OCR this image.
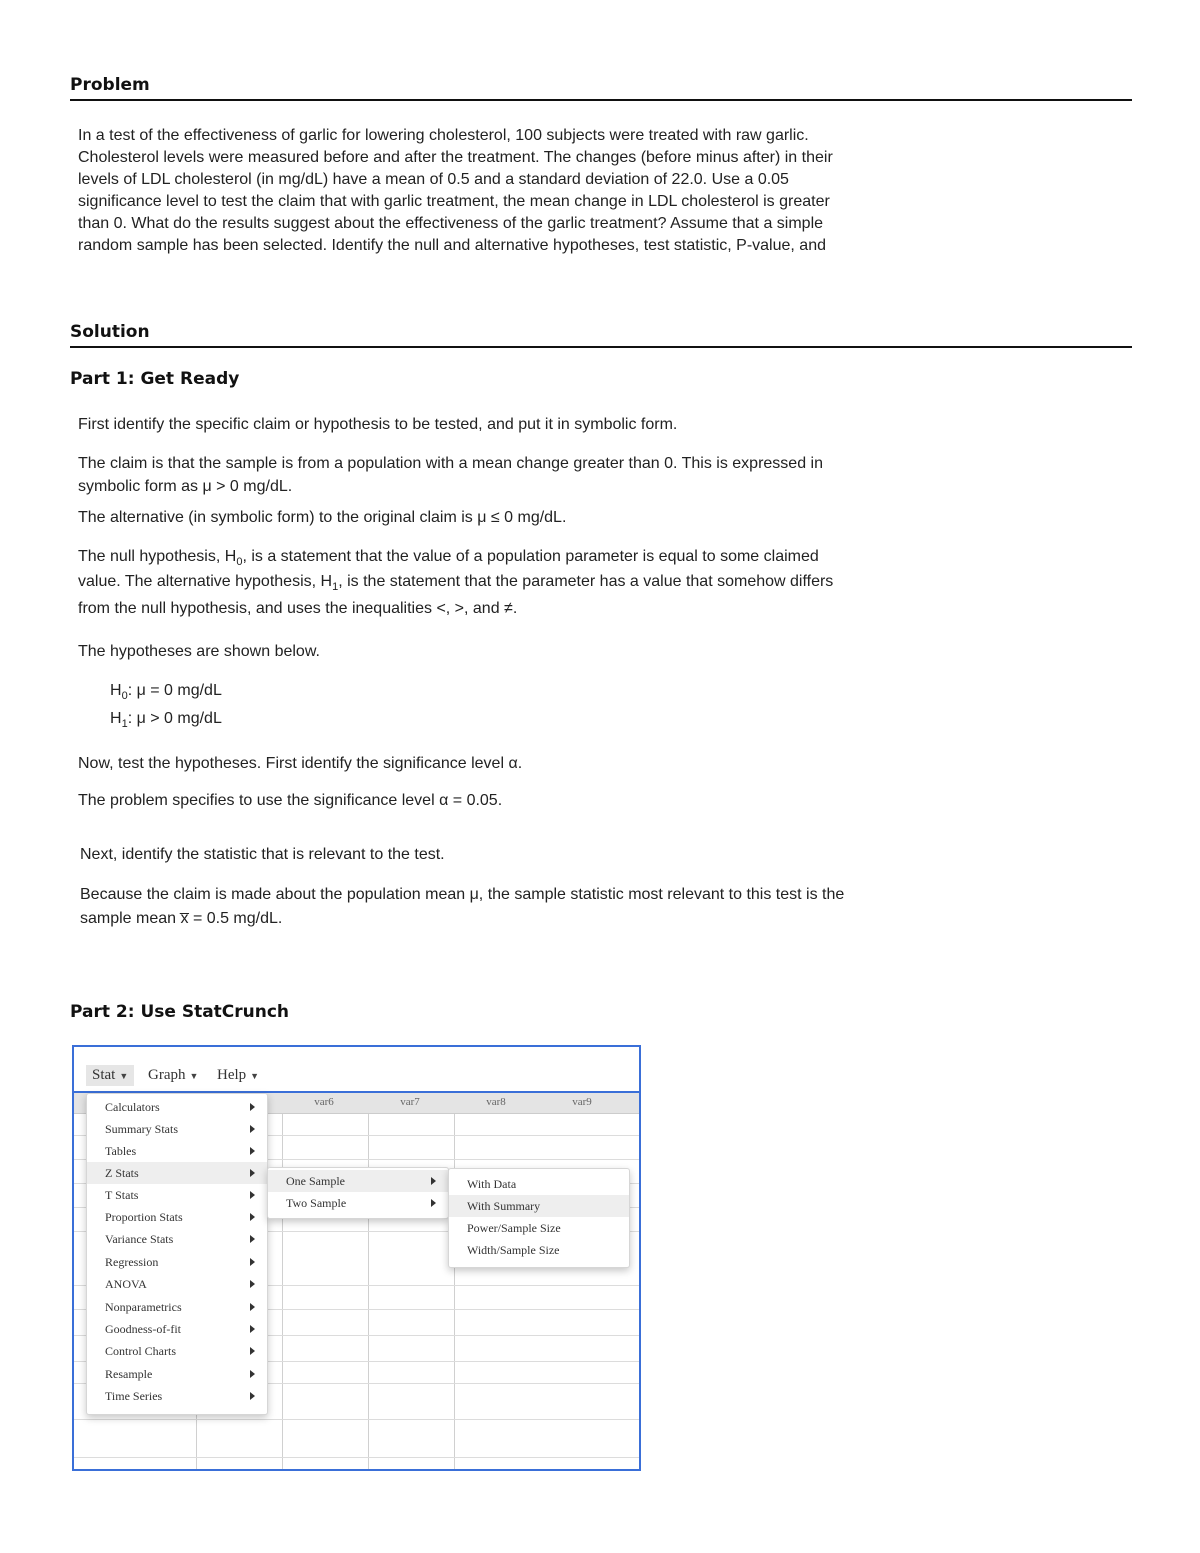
Problem
In a test of the effectiveness of garlic for lowering cholesterol, 100 subjects were treated with raw garlic.
Cholesterol levels were measured before and after the treatment. The changes (before minus after) in their
levels of LDL cholesterol (in mg/dL) have a mean of 0.5 and a standard deviation of 22.0. Use a 0.05
significance level to test the claim that with garlic treatment, the mean change in LDL cholesterol is greater
than 0. What do the results suggest about the effectiveness of the garlic treatment? Assume that a simple
random sample has been selected. Identify the null and alternative hypotheses, test statistic, P-value, and
Solution
Part 1: Get Ready
First identify the specific claim or hypothesis to be tested, and put it in symbolic form.
The claim is that the sample is from a population with a mean change greater than 0. This is expressed in
symbolic form as μ > 0 mg/dL.
The alternative (in symbolic form) to the original claim is μ ≤ 0 mg/dL.
The null hypothesis, $H_0$, is a statement that the value of a population parameter is equal to some claimed
value. The alternative hypothesis, $H_1$, is the statement that the parameter has a value that somehow differs
from the null hypothesis, and uses the inequalities <, >, and ≠.
The hypotheses are shown below.
$H_0$: μ = 0 mg/dL
$H_1$: μ > 0 mg/dL
Now, test the hypotheses. First identify the significance level α.
The problem specifies to use the significance level α = 0.05.
Next, identify the statistic that is relevant to the test.
Because the claim is made about the population mean μ, the sample statistic most relevant to this test is the
sample mean x̅ = 0.5 mg/dL.
Part 2: Use StatCrunch
var6	var7	var8	var9
Stat ▼	Graph ▼	Help ▼
Calculators
Summary Stats
Tables
Z Stats
T Stats
Proportion Stats
Variance Stats
Regression
ANOVA
Nonparametrics
Goodness-of-fit
Control Charts
Resample
Time Series
One Sample
Two Sample
With Data
With Summary
Power/Sample Size
Width/Sample Size
